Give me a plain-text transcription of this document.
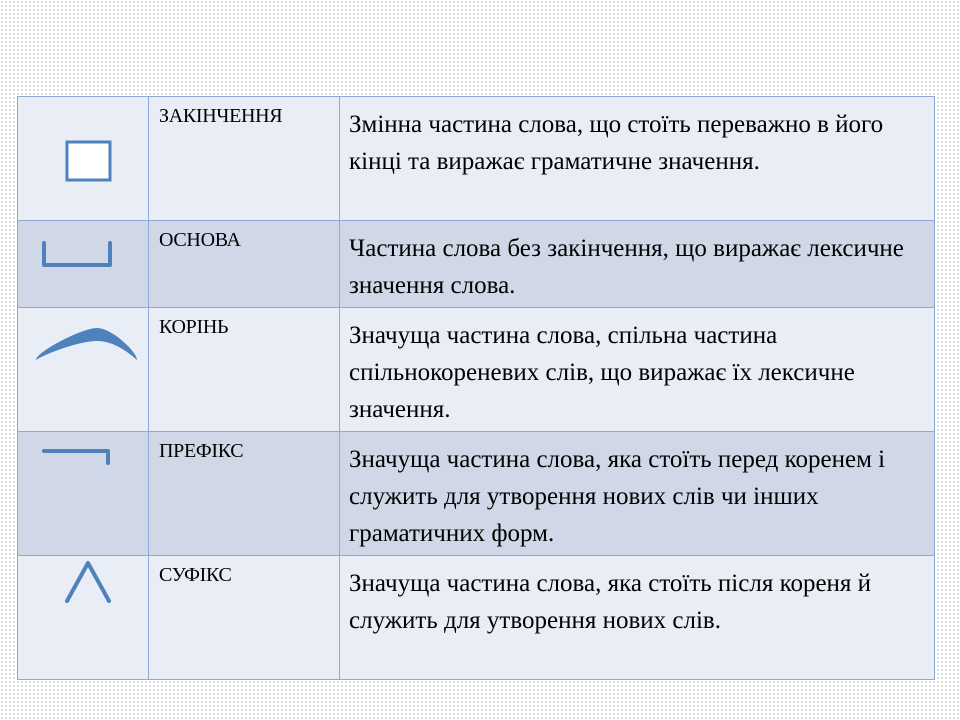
ЗАКІНЧЕННЯ	Змінна частина слова, що стоїть переважно в його кінці та виражає граматичне значення.

ОСНОВА	Частина слова без закінчення, що виражає лексичне значення слова.

КОРІНЬ	Значуща частина слова, спільна частина спільнокореневих слів, що виражає їх лексичне значення.

ПРЕФІКС	Значуща частина слова, яка стоїть перед коренем і служить для утворення нових слів чи інших граматичних форм.

СУФІКС	Значуща частина слова, яка стоїть після кореня й служить для утворення нових слів.
